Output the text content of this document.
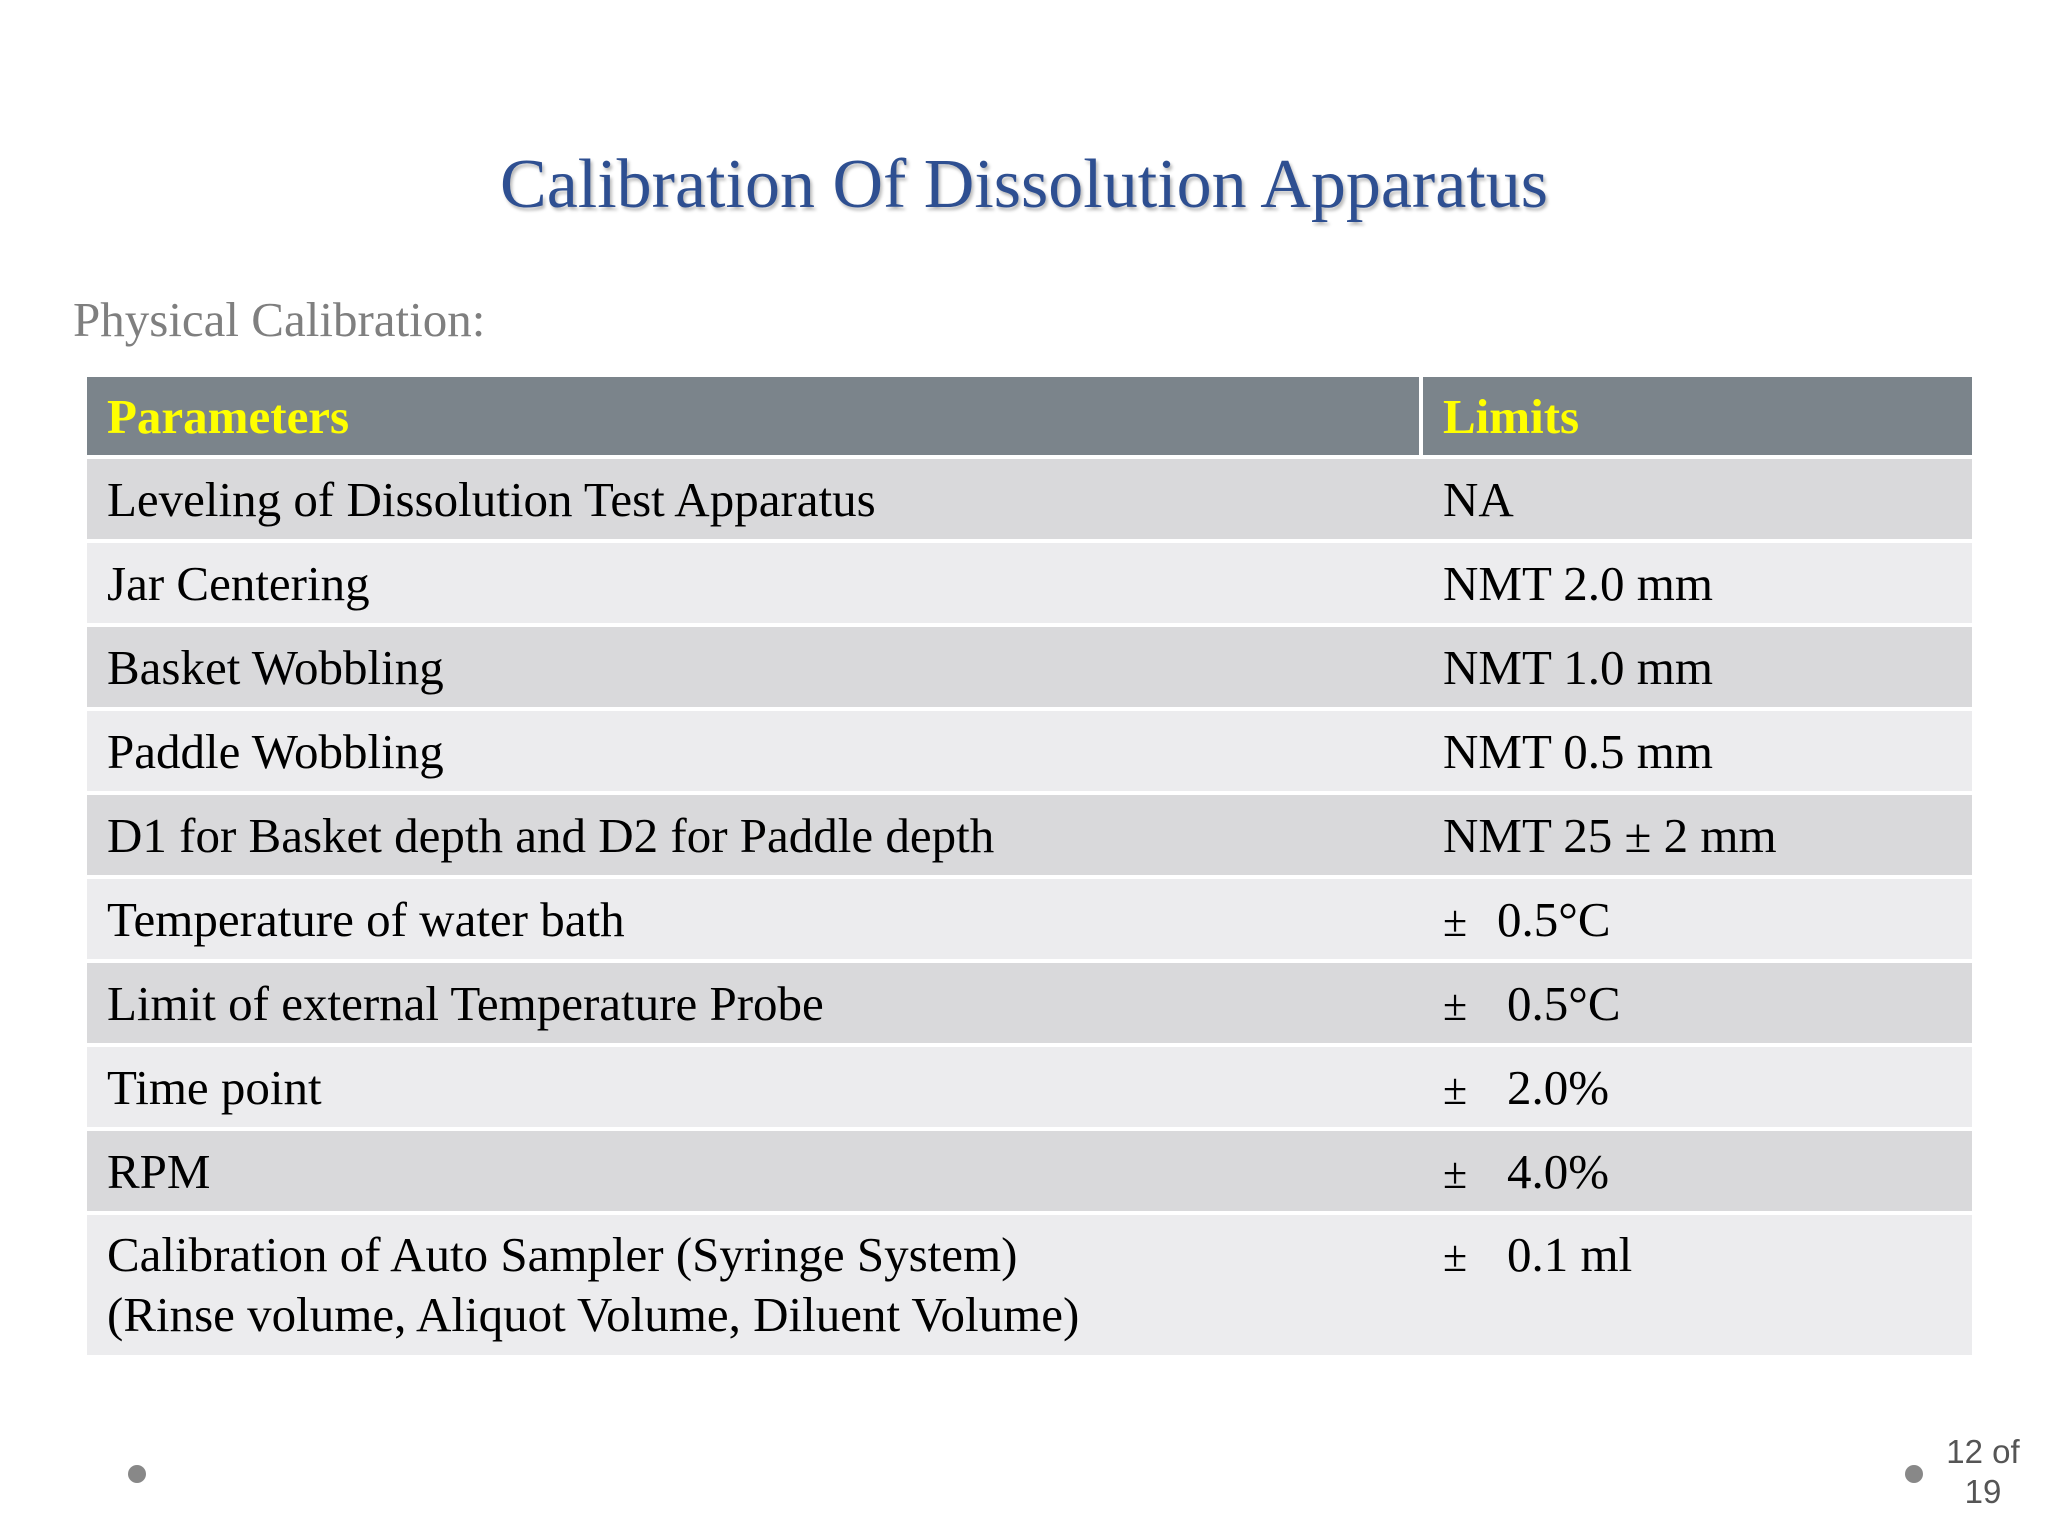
Calibration Of Dissolution Apparatus

Physical Calibration:

Parameters	Limits
Leveling of Dissolution Test Apparatus	NA
Jar Centering	NMT 2.0 mm
Basket Wobbling	NMT 1.0 mm
Paddle Wobbling	NMT 0.5 mm
D1 for Basket depth and D2 for Paddle depth	NMT 25 ± 2 mm
Temperature of water bath	± 0.5°C
Limit of external Temperature Probe	± 0.5°C
Time point	± 2.0%
RPM	± 4.0%
Calibration of Auto Sampler (Syringe System)
(Rinse volume, Aliquot Volume, Diluent Volume)	± 0.1 ml
12 of
19
